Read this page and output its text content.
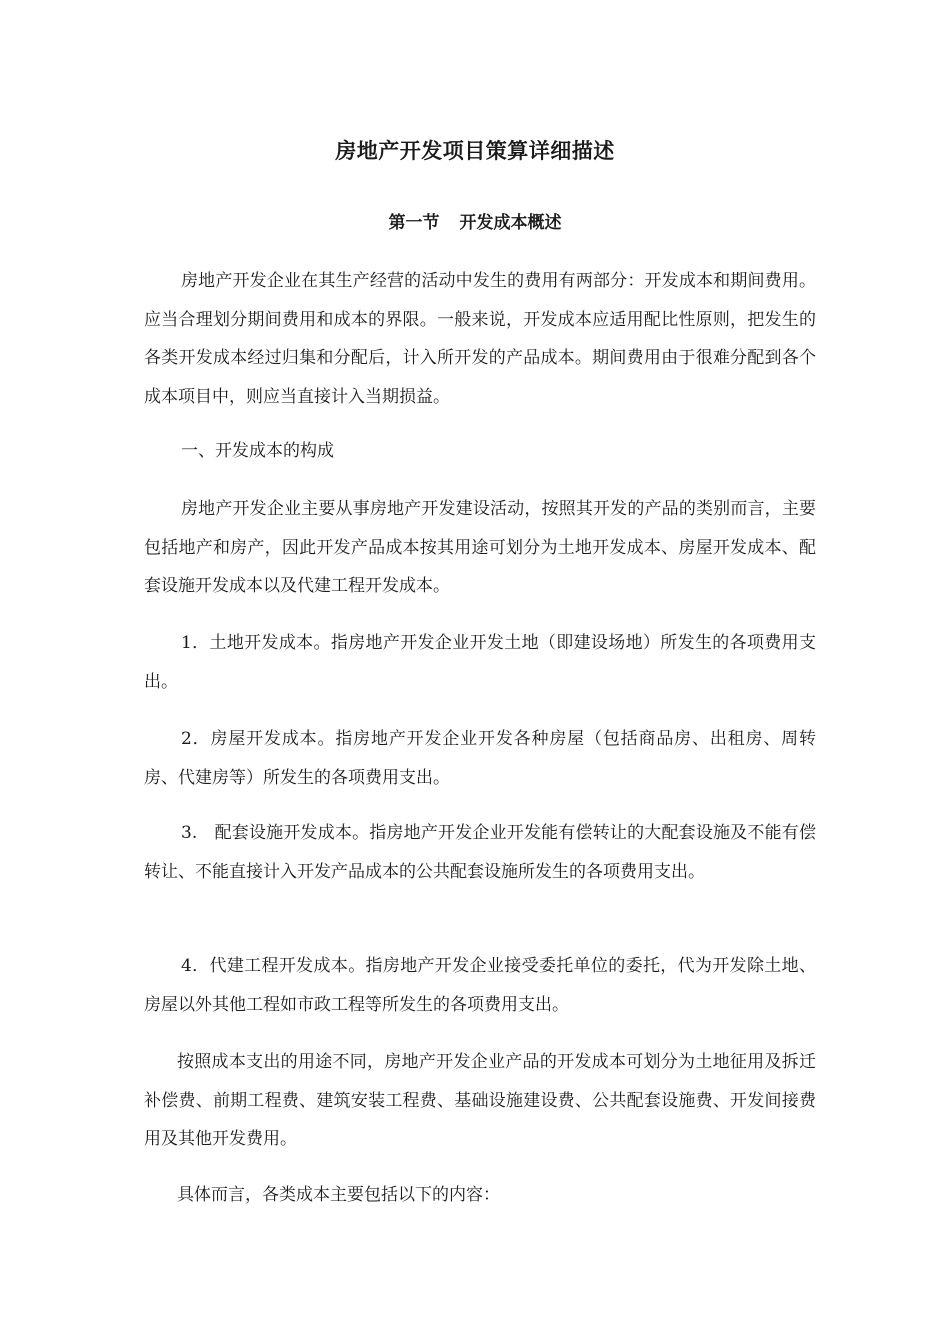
房地产开发项目策算详细描述
第一节 开发成本概述

房地产开发企业在其生产经营的活动中发生的费用有两部分：开发成本和期间费用。应当合理划分期间费用和成本的界限。一般来说，开发成本应适用配比性原则，把发生的各类开发成本经过归集和分配后，计入所开发的产品成本。期间费用由于很难分配到各个成本项目中，则应当直接计入当期损益。

一、开发成本的构成

房地产开发企业主要从事房地产开发建设活动，按照其开发的产品的类别而言，主要包括地产和房产，因此开发产品成本按其用途可划分为土地开发成本、房屋开发成本、配套设施开发成本以及代建工程开发成本。

1．土地开发成本。指房地产开发企业开发土地（即建设场地）所发生的各项费用支出。

2．房屋开发成本。指房地产开发企业开发各种房屋（包括商品房、出租房、周转房、代建房等）所发生的各项费用支出。

3.　配套设施开发成本。指房地产开发企业开发能有偿转让的大配套设施及不能有偿转让、不能直接计入开发产品成本的公共配套设施所发生的各项费用支出。

4．代建工程开发成本。指房地产开发企业接受委托单位的委托，代为开发除土地、房屋以外其他工程如市政工程等所发生的各项费用支出。

按照成本支出的用途不同，房地产开发企业产品的开发成本可划分为土地征用及拆迁补偿费、前期工程费、建筑安装工程费、基础设施建设费、公共配套设施费、开发间接费用及其他开发费用。

具体而言，各类成本主要包括以下的内容：
